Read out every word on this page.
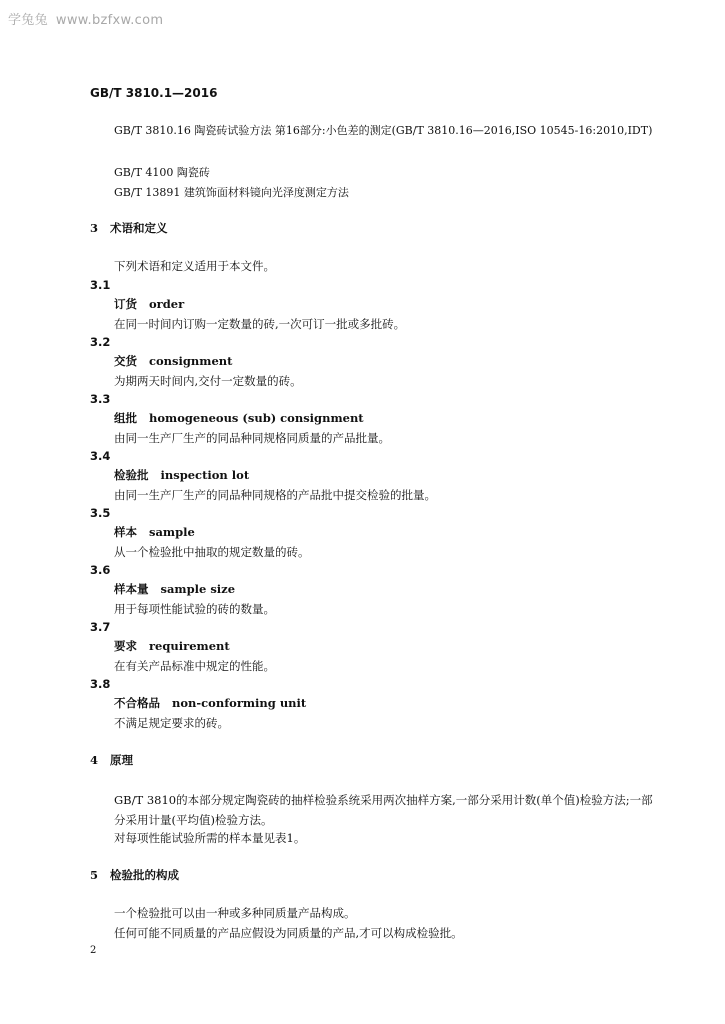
学兔兔 www.bzfxw.com
GB/T 3810.1—2016
GB/T 3810.16 陶瓷砖试验方法 第16部分:小色差的测定(GB/T 3810.16—2016,ISO 10545-16:2010,IDT)
GB/T 4100 陶瓷砖
GB/T 13891 建筑饰面材料镜向光泽度测定方法
3 术语和定义
下列术语和定义适用于本文件。
3.1
订货 order
在同一时间内订购一定数量的砖,一次可订一批或多批砖。
3.2
交货 consignment
为期两天时间内,交付一定数量的砖。
3.3
组批 homogeneous (sub) consignment
由同一生产厂生产的同品种同规格同质量的产品批量。
3.4
检验批 inspection lot
由同一生产厂生产的同品种同规格的产品批中提交检验的批量。
3.5
样本 sample
从一个检验批中抽取的规定数量的砖。
3.6
样本量 sample size
用于每项性能试验的砖的数量。
3.7
要求 requirement
在有关产品标准中规定的性能。
3.8
不合格品 non-conforming unit
不满足规定要求的砖。
4 原理
GB/T 3810的本部分规定陶瓷砖的抽样检验系统采用两次抽样方案,一部分采用计数(单个值)检验方法;一部分采用计量(平均值)检验方法。
对每项性能试验所需的样本量见表1。
5 检验批的构成
一个检验批可以由一种或多种同质量产品构成。
任何可能不同质量的产品应假设为同质量的产品,才可以构成检验批。
2
